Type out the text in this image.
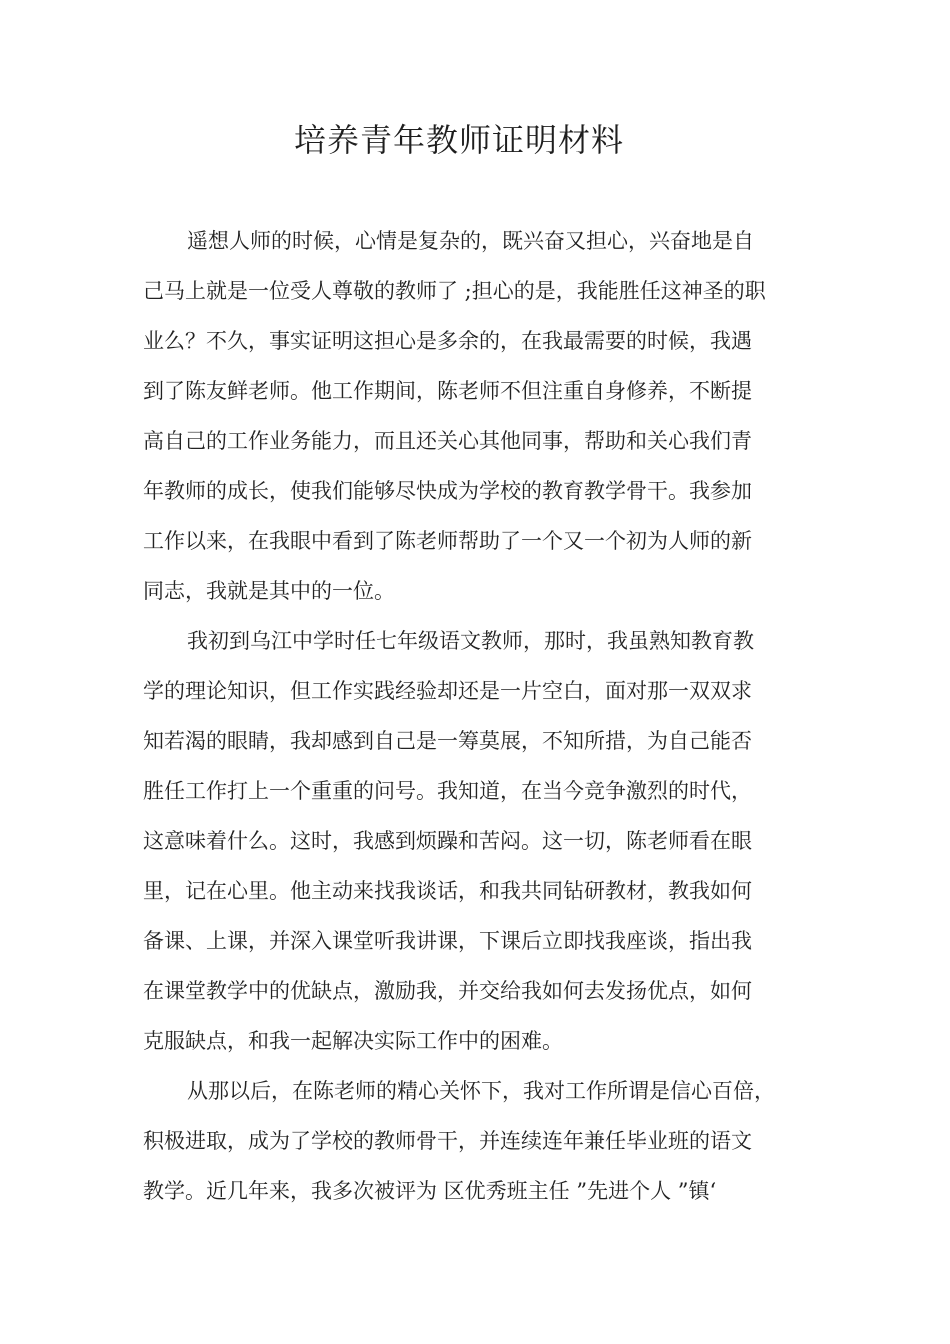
培养青年教师证明材料
遥想人师的时候，心情是复杂的，既兴奋又担心，兴奋地是自
己马上就是一位受人尊敬的教师了 ;担心的是，我能胜任这神圣的职
业么？不久，事实证明这担心是多余的，在我最需要的时候，我遇
到了陈友鲜老师。他工作期间，陈老师不但注重自身修养，不断提
高自己的工作业务能力，而且还关心其他同事，帮助和关心我们青
年教师的成长，使我们能够尽快成为学校的教育教学骨干。我参加
工作以来，在我眼中看到了陈老师帮助了一个又一个初为人师的新
同志，我就是其中的一位。
我初到乌江中学时任七年级语文教师，那时，我虽熟知教育教
学的理论知识，但工作实践经验却还是一片空白，面对那一双双求
知若渴的眼睛，我却感到自己是一筹莫展，不知所措，为自己能否
胜任工作打上一个重重的问号。我知道，在当今竞争激烈的时代，
这意味着什么。这时，我感到烦躁和苦闷。这一切，陈老师看在眼
里，记在心里。他主动来找我谈话，和我共同钻研教材，教我如何
备课、上课，并深入课堂听我讲课，下课后立即找我座谈，指出我
在课堂教学中的优缺点，激励我，并交给我如何去发扬优点，如何
克服缺点，和我一起解决实际工作中的困难。
从那以后，在陈老师的精心关怀下，我对工作所谓是信心百倍，
积极进取，成为了学校的教师骨干，并连续连年兼任毕业班的语文
教学。近几年来，我多次被评为 区优秀班主任 ”先进个人 ”镇‘
